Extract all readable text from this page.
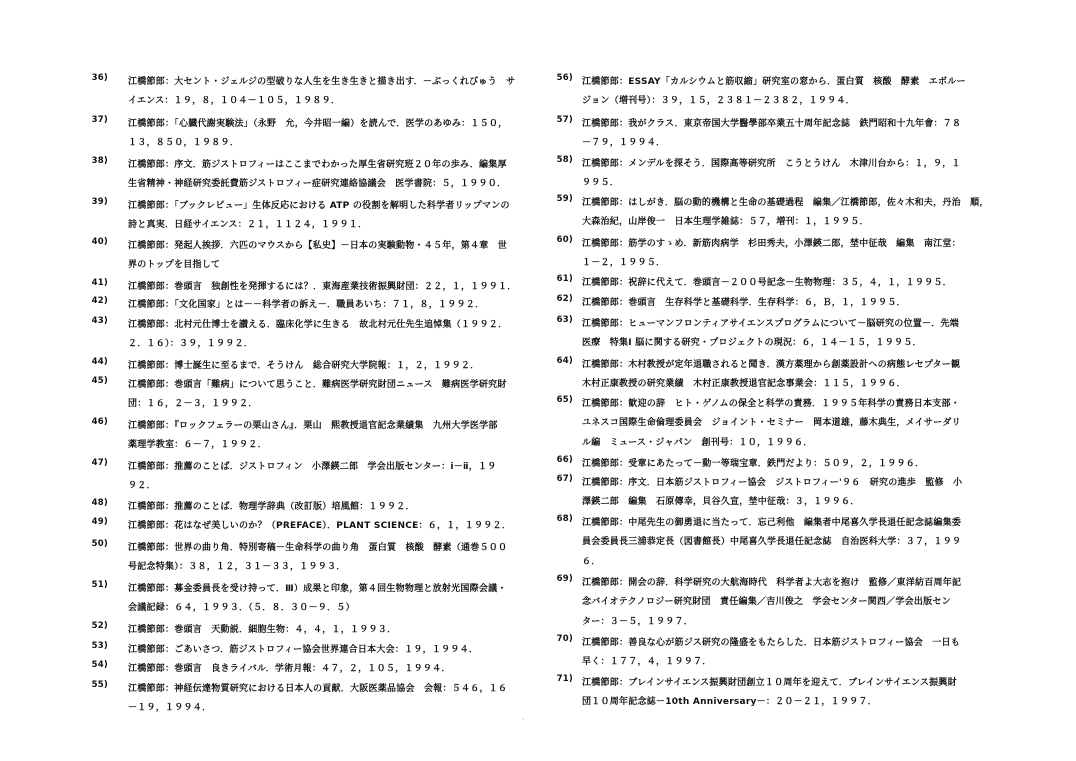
36) 江橋節郎：大セント・ジェルジの型破りな人生を生き生きと描き出す．－ぶっくれびゅう　サ
イエンス：１９，８，１０４－１０５，１９８９．
37) 江橋節郎：「心臓代謝実験法」（永野　允，今井昭一編）を読んで．医学のあゆみ：１５０，
１３，８５０，１９８９．
38) 江橋節郎：序文．筋ジストロフィーはここまでわかった厚生省研究班２０年の歩み．編集厚
生省精神・神経研究委託費筋ジストロフィー症研究連絡協議会　医学書院：５，１９９０．
39) 江橋節郎：「ブックレビュー」生体反応における ATP の役割を解明した科学者リップマンの
詩と真実．日経サイエンス：２１，１１２４，１９９１．
40) 江橋節郎：発起人挨拶．六匹のマウスから【私史】－日本の実験動物・４５年，第４章　世
界のトップを目指して
41) 江橋節郎：巻頭言　独創性を発揮するには？．東海産業技術振興財団：２２，１，１９９１．
42) 江橋節郎：「文化国家」とは－－科学者の訴え－．職員あいち：７１，８，１９９２．
43) 江橋節郎：北村元仕博士を讃える．臨床化学に生きる　故北村元仕先生追悼集（１９９２．
２．１６）：３９，１９９２．
44) 江橋節郎：博士誕生に至るまで．そうけん　総合研究大学院報：１，２，１９９２．
45) 江橋節郎：巻頭言「難病」について思うこと．難病医学研究財団ニュース　難病医学研究財
団：１６，２－３，１９９２．
46) 江橋節郎：『ロックフェラーの栗山さん』．栗山　熙教授退官記念業績集　九州大学医学部
薬理学教室：６－７，１９９２．
47) 江橋節郎：推薦のことば．ジストロフィン　小澤鍈二郎　学会出版センター：ⅰ－ⅱ，１９
９２．
48) 江橋節郎：推薦のことば．物理学辞典（改訂版）培風館：１９９２．
49) 江橋節郎：花はなぜ美しいのか？（PREFACE）．PLANT SCIENCE：６，１，１９９２．
50) 江橋節郎：世界の曲り角．特別寄稿－生命科学の曲り角　蛋白質　核酸　酵素（通巻５００
号記念特集）：３８，１２，３１－３３，１９９３．
51) 江橋節郎：募金委員長を受け持って．Ⅲ）成果と印象，第４回生物物理と放射光国際会議・
会議記録：６４，１９９３．（５．８．３０－９．５）
52) 江橋節郎：巻頭言　天動説．細胞生物：４，４，１，１９９３．
53) 江橋節郎：ごあいさつ．筋ジストロフィー協会世界連合日本大会：１９，１９９４．
54) 江橋節郎：巻頭言　良きライバル．学術月報：４７，２，１０５，１９９４．
55) 江橋節郎：神経伝達物質研究における日本人の貢献．大阪医薬品協会　会報：５４６，１６
－１９，１９９４．
56) 江橋節郎：ESSAY「カルシウムと筋収縮」研究室の窓から．蛋白質　核酸　酵素　エボルー
ジョン（増刊号）：３９，１５，２３８１－２３８２，１９９４．
57) 江橋節郎：我がクラス．東京帝国大学醫學部卒業五十周年記念誌　鉄門昭和十九年會：７８
－７９，１９９４．
58) 江橋節郎：メンデルを探そう．国際高等研究所　こうとうけん　木津川台から：１，９，１
９９５．
59) 江橋節郎：はしがき．脳の動的機構と生命の基礎過程　編集／江橋節郎，佐々木和夫，丹治　順，
大森治紀，山岸俊一　日本生理学雑誌：５７，増刊：１，１９９５．
60) 江橋節郎：筋学のすゝめ．新筋肉病学　杉田秀夫，小澤鍈二郎，埜中征哉　編集　南江堂：
１－２，１９９５．
61) 江橋節郎：祝辞に代えて．巻頭言－２００号記念－生物物理：３５，４，１，１９９５．
62) 江橋節郎：巻頭言　生存科学と基礎科学．生存科学：６，Ｂ，１，１９９５．
63) 江橋節郎：ヒューマンフロンティアサイエンスプログラムについて－脳研究の位置－．先端
医療　特集Ⅰ 脳に関する研究・プロジェクトの現況：６，１４－１５，１９９５．
64) 江橋節郎：木村教授が定年退職されると聞き．漢方薬理から創薬設計への病態レセプター観
木村正康教授の研究業績　木村正康教授退官記念事業会：１１５，１９９６．
65) 江橋節郎：歓迎の辞　ヒト・ゲノムの保全と科学の責務．１９９５年科学の責務日本支部・
ユネスコ国際生命倫理委員会　ジョイント・セミナー　岡本道雄，藤木典生，メイサーダリ
ル編　ミュース・ジャパン　創刊号：１０，１９９６．
66) 江橋節郎：受章にあたって－動一等瑞宝章．鉄門だより：５０９，２，１９９６．
67) 江橋節郎：序文．日本筋ジストロフィー協会　ジストロフィー'９６　研究の進歩　監修　小
澤鍈二郎　編集　石原傳幸，貝谷久宣，埜中征哉：３，１９９６．
68) 江橋節郎：中尾先生の御勇退に当たって．忘己利他　編集者中尾喜久学長退任記念誌編集委
員会委員長三浦恭定長（図書館長）中尾喜久学長退任記念誌　自治医科大学：３７，１９９
６．
69) 江橋節郎：開会の辞．科学研究の大航海時代　科学者よ大志を抱け　監修／東洋紡百周年記
念バイオテクノロジー研究財団　責任編集／吉川俊之　学会センター関西／学会出版セン
ター：３－５，１９９７．
70) 江橋節郎：善良な心が筋ジス研究の隆盛をもたらした．日本筋ジストロフィー協会　一日も
早く：１７７，４，１９９７．
71) 江橋節郎：ブレインサイエンス振興財団創立１０周年を迎えて．ブレインサイエンス振興財
団１０周年記念誌－10th Anniversary－：２０－２１，１９９７．
·
